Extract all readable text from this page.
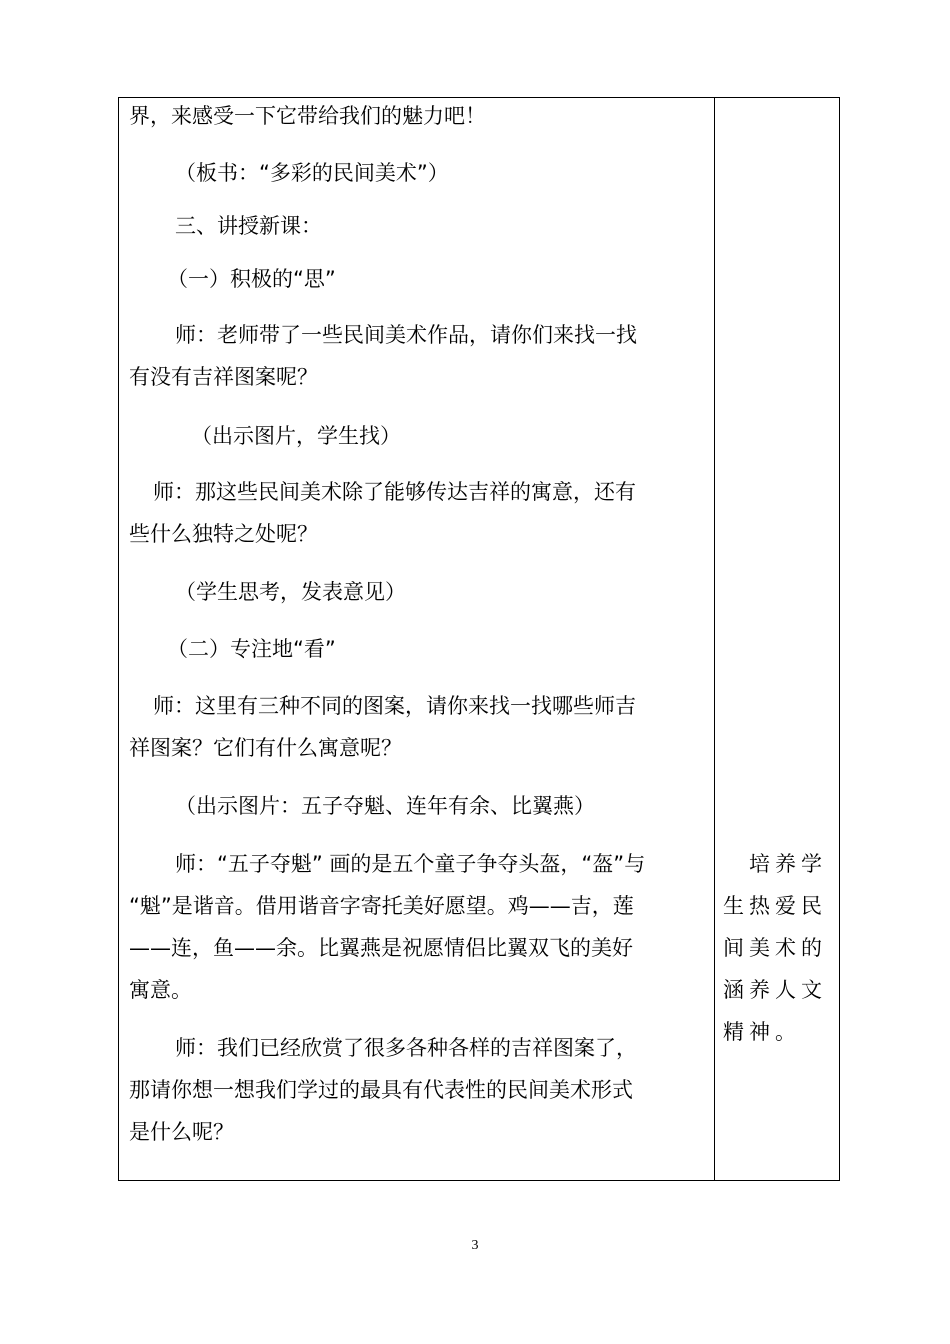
界，来感受一下它带给我们的魅力吧！

（板书：“多彩的民间美术”）

三、讲授新课：

（一）积极的“思”

师：老师带了一些民间美术作品，请你们来找一找

有没有吉祥图案呢？

（出示图片，学生找）

师：那这些民间美术除了能够传达吉祥的寓意，还有

些什么独特之处呢？

（学生思考，发表意见）

（二）专注地“看”

师：这里有三种不同的图案，请你来找一找哪些师吉

祥图案？它们有什么寓意呢？

（出示图片：五子夺魁、连年有余、比翼燕）

师：“五子夺魁” 画的是五个童子争夺头盔，“盔”与

“魁”是谐音。借用谐音字寄托美好愿望。鸡——吉，莲

——连，鱼——余。比翼燕是祝愿情侣比翼双飞的美好

寓意。

师：我们已经欣赏了很多各种各样的吉祥图案了，

那请你想一想我们学过的最具有代表性的民间美术形式

是什么呢？

　培养学生热爱民间美术的涵养人文精神。
3
